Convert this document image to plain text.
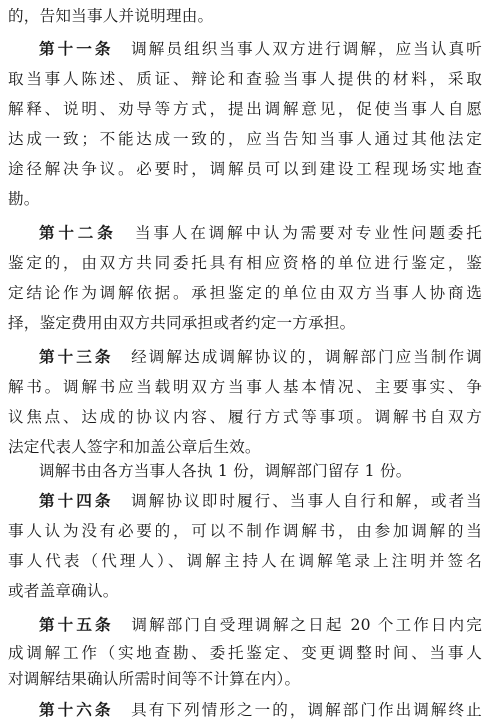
的，告知当事人并说明理由。
第十一条　 调解员组织当事人双方进行调解，应当认真听
取当事人陈述、质证、辩论和查验当事人提供的材料，采取
解释、说明、劝导等方式，提出调解意见，促使当事人自愿
达成一致；不能达成一致的，应当告知当事人通过其他法定
途径解决争议。必要时，调解员可以到建设工程现场实地查
勘。
第十二条　 当事人在调解中认为需要对专业性问题委托
鉴定的，由双方共同委托具有相应资格的单位进行鉴定，鉴
定结论作为调解依据。承担鉴定的单位由双方当事人协商选
择，鉴定费用由双方共同承担或者约定一方承担。
第十三条　 经调解达成调解协议的，调解部门应当制作调
解书。调解书应当载明双方当事人基本情况、主要事实、争
议焦点、达成的协议内容、履行方式等事项。调解书自双方
法定代表人签字和加盖公章后生效。
调解书由各方当事人各执 1 份，调解部门留存 1 份。
第十四条　 调解协议即时履行、当事人自行和解，或者当
事人认为没有必要的，可以不制作调解书，由参加调解的当
事人代表（代理人）、调解主持人在调解笔录上注明并签名
或者盖章确认。
第十五条　 调解部门自受理调解之日起 20 个工作日内完
成调解工作（实地查勘、委托鉴定、变更调整时间、当事人
对调解结果确认所需时间等不计算在内）。
第十六条　 具有下列情形之一的，调解部门作出调解终止
